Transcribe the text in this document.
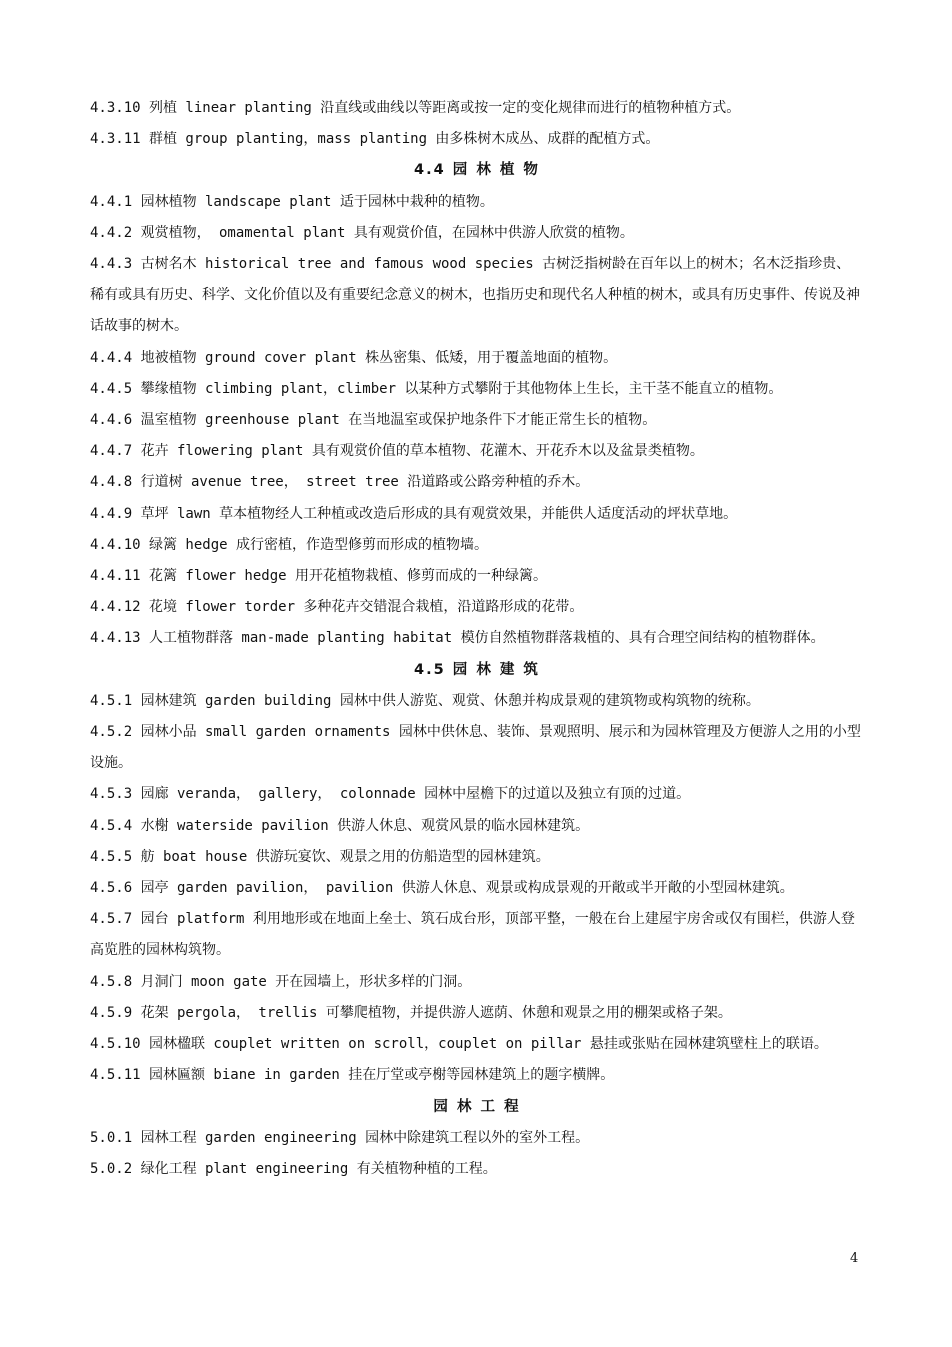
4.3.10 列植 linear planting 沿直线或曲线以等距离或按一定的变化规律而进行的植物种植方式。

4.3.11 群植 group planting，mass planting 由多株树木成丛、成群的配植方式。

4.4 园 林 植 物

4.4.1 园林植物 landscape plant 适于园林中栽种的植物。

4.4.2 观赏植物， omamental plant 具有观赏价值，在园林中供游人欣赏的植物。

4.4.3 古树名木 historical tree and famous wood species 古树泛指树龄在百年以上的树木；名木泛指珍贵、稀有或具有历史、科学、文化价值以及有重要纪念意义的树木，也指历史和现代名人种植的树木，或具有历史事件、传说及神话故事的树木。

4.4.4 地被植物 ground cover plant 株丛密集、低矮，用于覆盖地面的植物。

4.4.5 攀缘植物 climbing plant，climber 以某种方式攀附于其他物体上生长，主干茎不能直立的植物。

4.4.6 温室植物 greenhouse plant 在当地温室或保护地条件下才能正常生长的植物。

4.4.7 花卉 flowering plant 具有观赏价值的草本植物、花灌木、开花乔木以及盆景类植物。

4.4.8 行道树 avenue tree， street tree 沿道路或公路旁种植的乔木。

4.4.9 草坪 lawn 草本植物经人工种植或改造后形成的具有观赏效果，并能供人适度活动的坪状草地。

4.4.10 绿篱 hedge 成行密植，作造型修剪而形成的植物墙。

4.4.11 花篱 flower hedge 用开花植物栽植、修剪而成的一种绿篱。

4.4.12 花境 flower torder 多种花卉交错混合栽植，沿道路形成的花带。

4.4.13 人工植物群落 man-made planting habitat 模仿自然植物群落栽植的、具有合理空间结构的植物群体。

4.5 园 林 建 筑

4.5.1 园林建筑 garden building 园林中供人游览、观赏、休憩并构成景观的建筑物或构筑物的统称。

4.5.2 园林小品 small garden ornaments 园林中供休息、装饰、景观照明、展示和为园林管理及方便游人之用的小型设施。

4.5.3 园廊 veranda， gallery， colonnade 园林中屋檐下的过道以及独立有顶的过道。

4.5.4 水榭 waterside pavilion 供游人休息、观赏风景的临水园林建筑。

4.5.5 舫 boat house 供游玩宴饮、观景之用的仿船造型的园林建筑。

4.5.6 园亭 garden pavilion， pavilion 供游人休息、观景或构成景观的开敞或半开敞的小型园林建筑。

4.5.7 园台 platform 利用地形或在地面上垒士、筑石成台形，顶部平整，一般在台上建屋宇房舍或仅有围栏，供游人登高览胜的园林构筑物。

4.5.8 月洞门 moon gate 开在园墙上，形状多样的门洞。

4.5.9 花架 pergola， trellis 可攀爬植物，并提供游人遮荫、休憩和观景之用的棚架或格子架。

4.5.10 园林楹联 couplet written on scroll，couplet on pillar 悬挂或张贴在园林建筑壁柱上的联语。

4.5.11 园林匾额 biane in garden 挂在厅堂或亭榭等园林建筑上的题字横牌。

园 林 工 程

5.0.1 园林工程 garden engineering 园林中除建筑工程以外的室外工程。

5.0.2 绿化工程 plant engineering 有关植物种植的工程。

4
